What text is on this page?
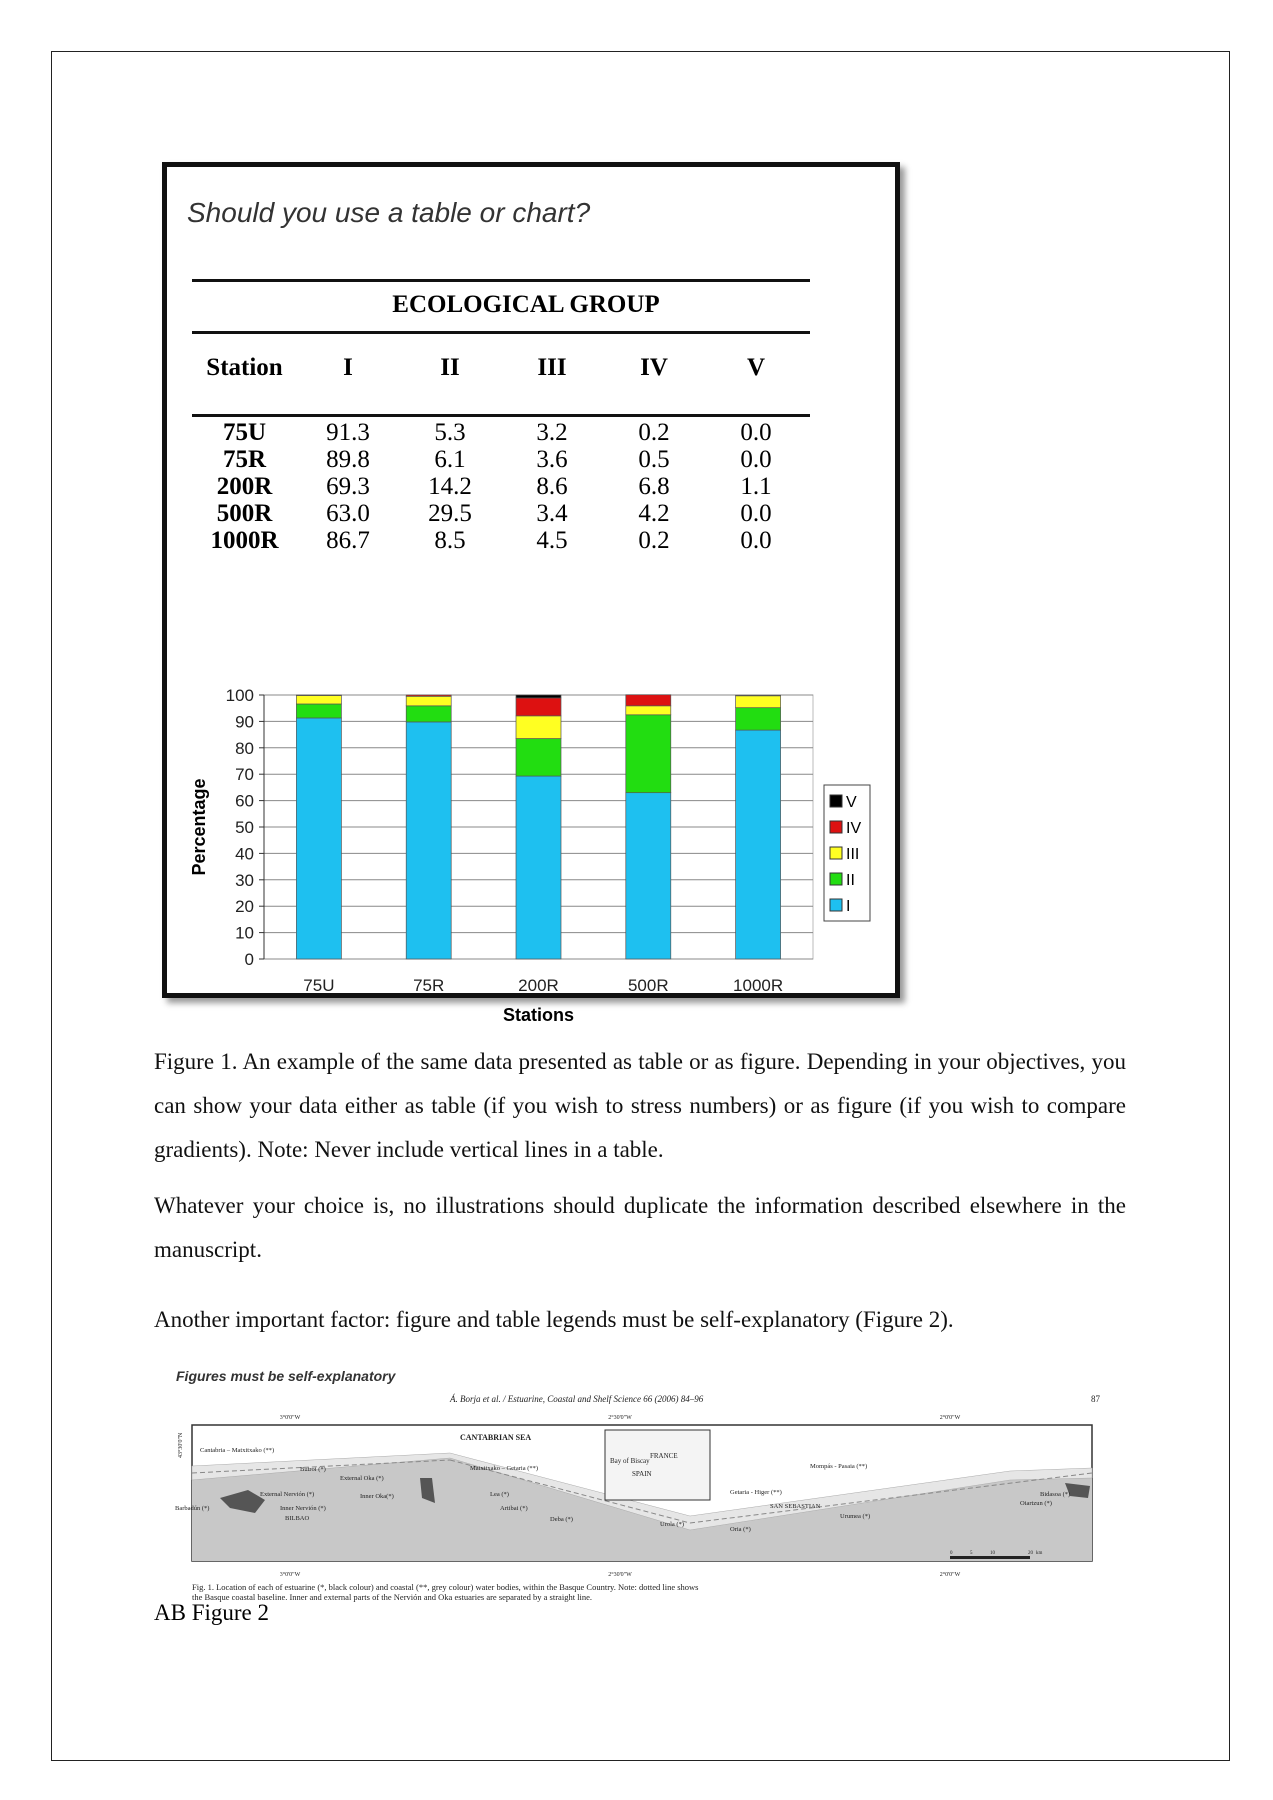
Should you use a table or chart?
ECOLOGICAL GROUP
Station	I	II	III	IV	V
75U	91.3	5.3	3.2	0.2	0.0
75R	89.8	6.1	3.6	0.5	0.0
200R	69.3	14.2	8.6	6.8	1.1
500R	63.0	29.5	3.4	4.2	0.0
1000R	86.7	8.5	4.5	0.2	0.0
0
10
20
30
40
50
60
70
80
90
100
75U	75R	200R	500R	1000R
Stations
Percentage	V
IV
III
II
I
Figure 1. An example of the same data presented as table or as figure. Depending in your objectives, you can show your data either as table (if you wish to stress numbers) or as figure (if you wish to compare gradients). Note: Never include vertical lines in a table.
Whatever your choice is, no illustrations should duplicate the information described elsewhere in the manuscript.
Another important factor: figure and table legends must be self-explanatory (Figure 2).
Figures must be self-explanatory
Á. Borja et al. / Estuarine, Coastal and Shelf Science 66 (2006) 84–96	87
3°0'0"W	2°30'0"W	2°0'0"W
3°0'0"W	2°30'0"W	2°0'0"W
43°30'0"N
Bay of Biscay
FRANCE
SPAIN
CANTABRIAN SEA
Cantabria – Matxitxako (**)
Butroi (*)
External Oka (*)
Matxitxako – Getaria (**)
External Nervión (*)	Inner Oka(*)	Lea (*)
Barbadún (*)	Inner Nervión (*)
BILBAO
Artibai (*)
Deba (*)
Urola (*)
Oria (*)
Getaria - Higer (**)
SAN SEBASTIAN
Mompás - Pasaia (**)
Bidasoa (*)
Oiartzun (*)
Urumea (*)
0	5	10	20 km
Fig. 1. Location of each of estuarine (*, black colour) and coastal (**, grey colour) water bodies, within the Basque Country. Note: dotted line shows
the Basque coastal baseline. Inner and external parts of the Nervión and Oka estuaries are separated by a straight line.
AB Figure 2
